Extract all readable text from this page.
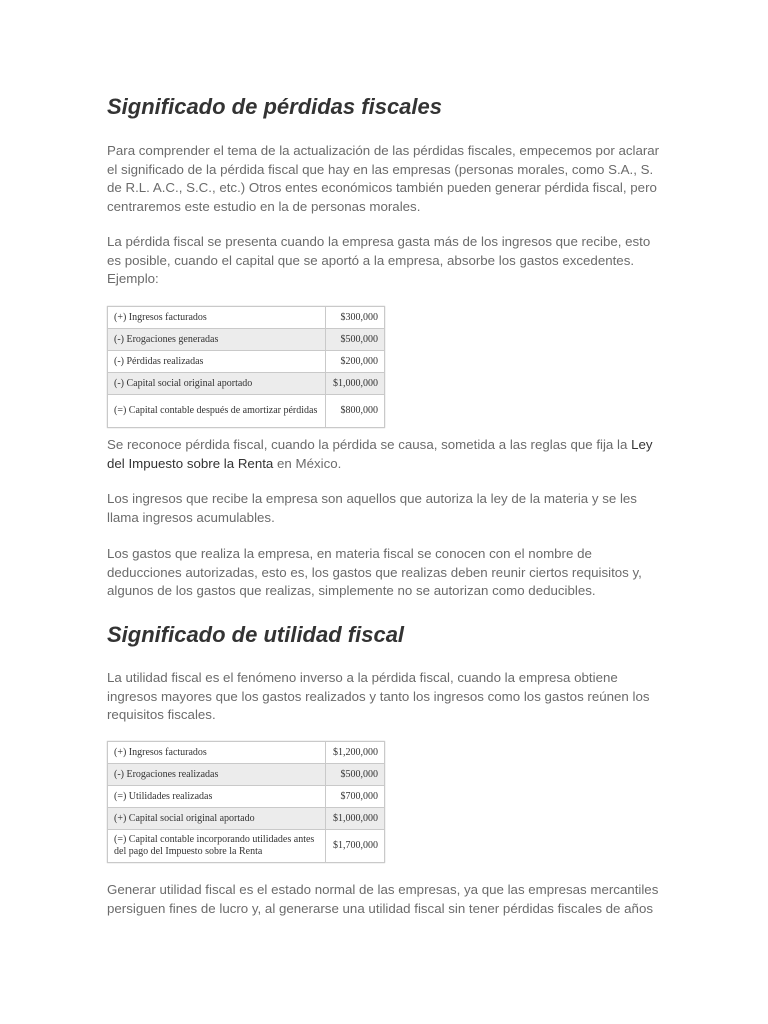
Significado de pérdidas fiscales

Para comprender el tema de la actualización de las pérdidas fiscales, empecemos por aclarar el significado de la pérdida fiscal que hay en las empresas (personas morales, como S.A., S. de R.L. A.C., S.C., etc.) Otros entes económicos también pueden generar pérdida fiscal, pero centraremos este estudio en la de personas morales.

La pérdida fiscal se presenta cuando la empresa gasta más de los ingresos que recibe, esto es posible, cuando el capital que se aportó a la empresa, absorbe los gastos excedentes. Ejemplo:

(+) Ingresos facturados	$300,000
(-) Erogaciones generadas	$500,000
(-) Pérdidas realizadas	$200,000
(-) Capital social original aportado	$1,000,000
(=) Capital contable después de amortizar pérdidas	$800,000

Se reconoce pérdida fiscal, cuando la pérdida se causa, sometida a las reglas que fija la Ley del Impuesto sobre la Renta en México.

Los ingresos que recibe la empresa son aquellos que autoriza la ley de la materia y se les llama ingresos acumulables.

Los gastos que realiza la empresa, en materia fiscal se conocen con el nombre de deducciones autorizadas, esto es, los gastos que realizas deben reunir ciertos requisitos y, algunos de los gastos que realizas, simplemente no se autorizan como deducibles.

Significado de utilidad fiscal

La utilidad fiscal es el fenómeno inverso a la pérdida fiscal, cuando la empresa obtiene ingresos mayores que los gastos realizados y tanto los ingresos como los gastos reúnen los requisitos fiscales.

(+) Ingresos facturados	$1,200,000
(-) Erogaciones realizadas	$500,000
(=) Utilidades realizadas	$700,000
(+) Capital social original aportado	$1,000,000
(=) Capital contable incorporando utilidades antes del pago del Impuesto sobre la Renta	$1,700,000

Generar utilidad fiscal es el estado normal de las empresas, ya que las empresas mercantiles persiguen fines de lucro y, al generarse una utilidad fiscal sin tener pérdidas fiscales de años
